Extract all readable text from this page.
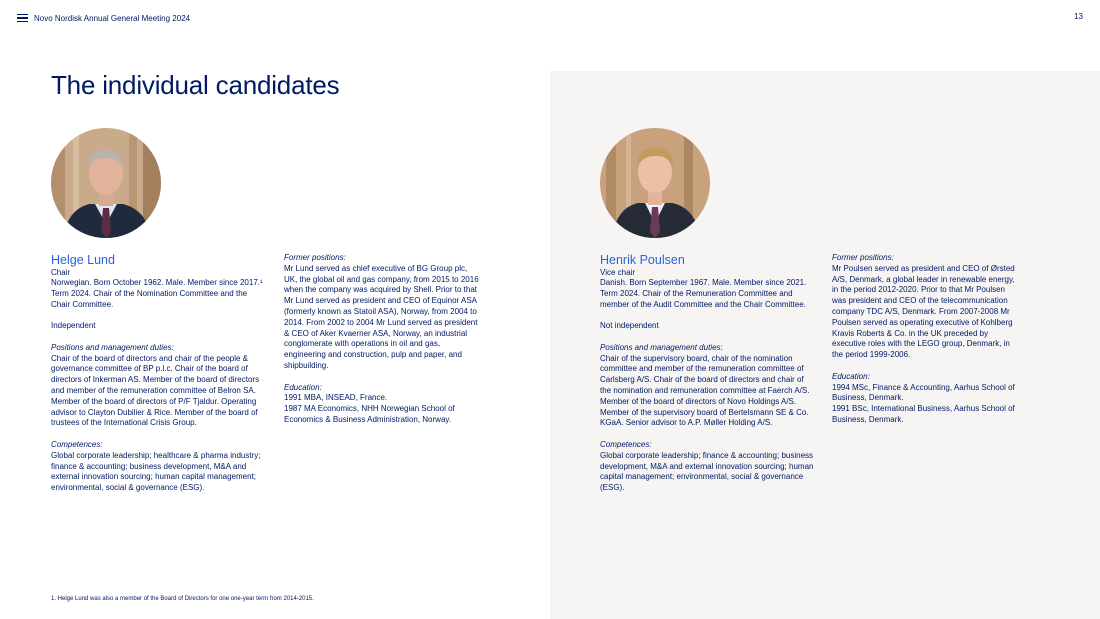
Novo Nordisk Annual General Meeting 2024	13
The individual candidates

Helge Lund

Chair

Norwegian. Born October 1962. Male. Member since 2017.¹ Term 2024. Chair of the Nomination Committee and the Chair Committee.

Independent

Positions and management duties:

Chair of the board of directors and chair of the people & governance committee of BP p.l.c. Chair of the board of directors of Inkerman AS. Member of the board of directors and member of the remuneration committee of Belron SA. Member of the board of directors of P/F Tjaldur. Operating advisor to Clayton Dubilier & Rice. Member of the board of trustees of the International Crisis Group.

Competences:

Global corporate leadership; healthcare & pharma industry; finance & accounting; business development, M&A and external innovation sourcing; human capital management; environmental, social & governance (ESG).

Former positions:

Mr Lund served as chief executive of BG Group plc, UK, the global oil and gas company, from 2015 to 2016 when the company was acquired by Shell. Prior to that Mr Lund served as president and CEO of Equinor ASA (formerly known as Statoil ASA), Norway, from 2004 to 2014. From 2002 to 2004 Mr Lund served as president & CEO of Aker Kvaerner ASA, Norway, an industrial conglomerate with operations in oil and gas, engineering and construction, pulp and paper, and shipbuilding.

Education:

1991 MBA, INSEAD, France.

1987 MA Economics, NHH Norwegian School of Economics & Business Administration, Norway.

Henrik Poulsen

Vice chair

Danish. Born September 1967. Male. Member since 2021. Term 2024. Chair of the Remuneration Committee and member of the Audit Committee and the Chair Committee.

Not independent

Positions and management duties:

Chair of the supervisory board, chair of the nomination committee and member of the remuneration committee of Carlsberg A/S. Chair of the board of directors and chair of the nomination and remuneration committee at Faerch A/S. Member of the board of directors of Novo Holdings A/S. Member of the supervisory board of Bertelsmann SE & Co. KGaA. Senior advisor to A.P. Møller Holding A/S.

Competences:

Global corporate leadership; finance & accounting; business development, M&A and external innovation sourcing; human capital management; environmental, social & governance (ESG).

Former positions:

Mr Poulsen served as president and CEO of Ørsted A/S, Denmark, a global leader in renewable energy, in the period 2012-2020. Prior to that Mr Poulsen was president and CEO of the telecommunication company TDC A/S, Denmark. From 2007-2008 Mr Poulsen served as operating executive of Kohlberg Kravis Roberts & Co. in the UK preceded by executive roles with the LEGO group, Denmark, in the period 1999-2006.

Education:

1994 MSc, Finance & Accounting, Aarhus School of Business, Denmark.

1991 BSc, International Business, Aarhus School of Business, Denmark.

1. Helge Lund was also a member of the Board of Directors for one one-year term from 2014-2015.
